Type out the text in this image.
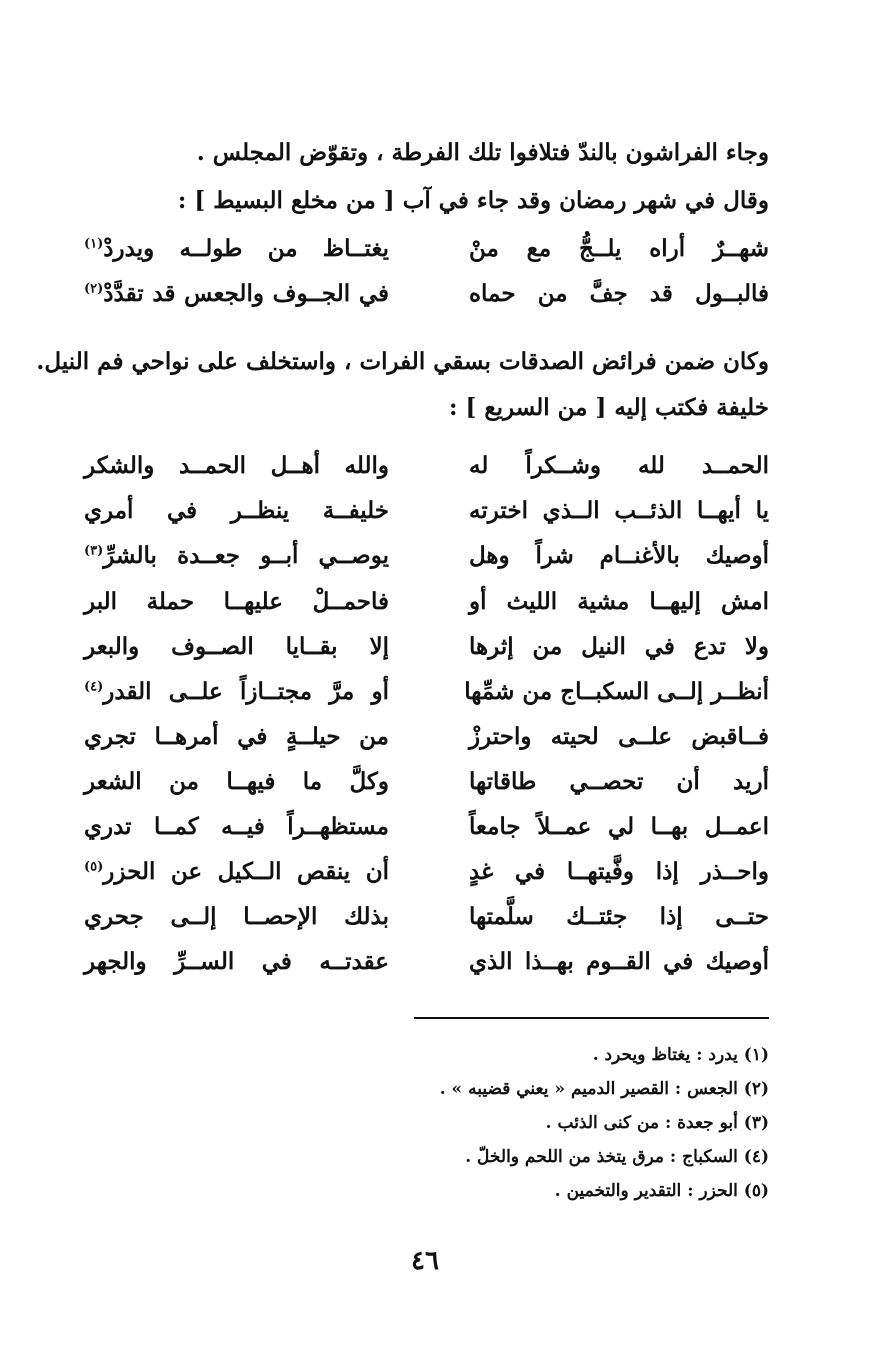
وجاء الفراشون بالندّ فتلافوا تلك الفرطة ، وتقوّض المجلس .

وقال في شهر رمضان وقد جاء في آب [ من مخلع البسيط ] :

شهــرٌ أراه يلــجُّ مع منْ
يغتــاظ من طولــه ويدردْ$^{(١)}$
فالبــول قد جفَّ من حماه
في الجــوف والجعس قد تقدَّدْ$^{(٢)}$

وكان ضمن فرائض الصدقات بسقي الفرات ، واستخلف على نواحي فم النيل.

خليفة فكتب إليه [ من السريع ] :

الحمــد لله وشــكراً له
والله أهــل الحمــد والشكر
يا أيهــا الذئــب الــذي اخترته
خليفــة ينظــر في أمري
أوصيك بالأغنــام شراً وهل
يوصــي أبــو جعــدة بالشرِّ$^{(٣)}$
امش إليهــا مشية الليث أو
فاحمــلْ عليهــا حملة البر
ولا تدع في النيل من إثرها
إلا بقــايا الصــوف والبعر
أنظــر إلــى السكبــاج من شمِّها
أو مرَّ مجتــازاً علــى القدر$^{(٤)}$
فــاقبض علــى لحيته واحترزْ
من حيلــةٍ في أمرهــا تجري
أريد أن تحصــي طاقاتها
وكلَّ ما فيهــا من الشعر
اعمــل بهــا لي عمــلاً جامعاً
مستظهــراً فيــه كمــا تدري
واحــذر إذا وفَّيتهــا في غدٍ
أن ينقص الــكيل عن الحزر$^{(٥)}$
حتــى إذا جئتــك سلَّمتها
بذلك الإحصــا إلــى جحري
أوصيك في القــوم بهــذا الذي
عقدتــه في الســرِّ والجهر
(١) يدرد : يغتاظ ويحرد .
(٢) الجعس : القصير الدميم « يعني قضيبه » .
(٣) أبو جعدة : من كنى الذئب .
(٤) السكباج : مرق يتخذ من اللحم والخلّ .
(٥) الحزر : التقدير والتخمين .
٤٦
